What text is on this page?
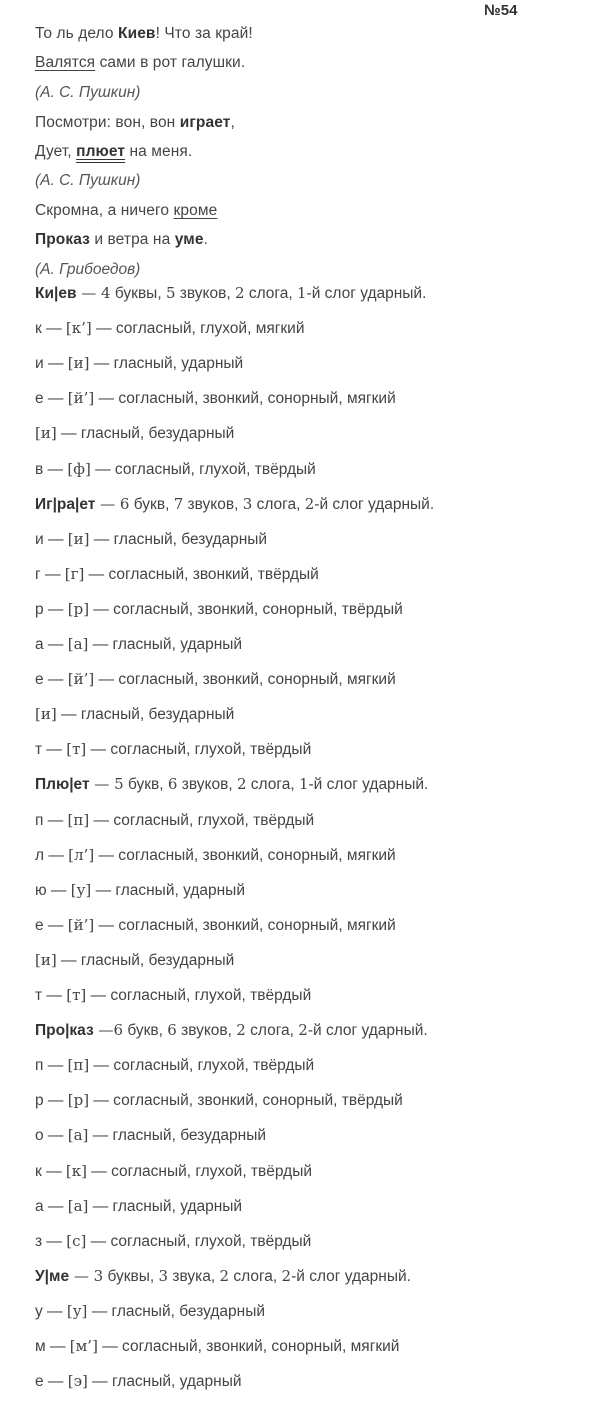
№54
То ль дело Киев! Что за край!
Валятся сами в рот галушки.
(А. С. Пушкин)
Посмотри: вон, вон играет,
Дует, плюет на меня.
(А. С. Пушкин)
Скромна, а ничего кроме
Проказ и ветра на уме.
(А. Грибоедов)
Ки|ев — 4 буквы, 5 звуков, 2 слога, 1-й слог ударный.
к — [к’] — согласный, глухой, мягкий
и — [и] — гласный, ударный
е — [й’] — согласный, звонкий, сонорный, мягкий
[и] — гласный, безударный
в — [ф] — согласный, глухой, твёрдый
Иг|ра|ет — 6 букв, 7 звуков, 3 слога, 2-й слог ударный.
и — [и] — гласный, безударный
г — [г] — согласный, звонкий, твёрдый
р — [р] — согласный, звонкий, сонорный, твёрдый
а — [а] — гласный, ударный
е — [й’] — согласный, звонкий, сонорный, мягкий
[и] — гласный, безударный
т — [т] — согласный, глухой, твёрдый
Плю|ет — 5 букв, 6 звуков, 2 слога, 1-й слог ударный.
п — [п] — согласный, глухой, твёрдый
л — [л’] — согласный, звонкий, сонорный, мягкий
ю — [у] — гласный, ударный
е — [й’] — согласный, звонкий, сонорный, мягкий
[и] — гласный, безударный
т — [т] — согласный, глухой, твёрдый
Про|каз —6 букв, 6 звуков, 2 слога, 2-й слог ударный.
п — [п] — согласный, глухой, твёрдый
р — [р] — согласный, звонкий, сонорный, твёрдый
о — [а] — гласный, безударный
к — [к] — согласный, глухой, твёрдый
а — [а] — гласный, ударный
з — [с] — согласный, глухой, твёрдый
У|ме — 3 буквы, 3 звука, 2 слога, 2-й слог ударный.
у — [у] — гласный, безударный
м — [м’] — согласный, звонкий, сонорный, мягкий
е — [э] — гласный, ударный
